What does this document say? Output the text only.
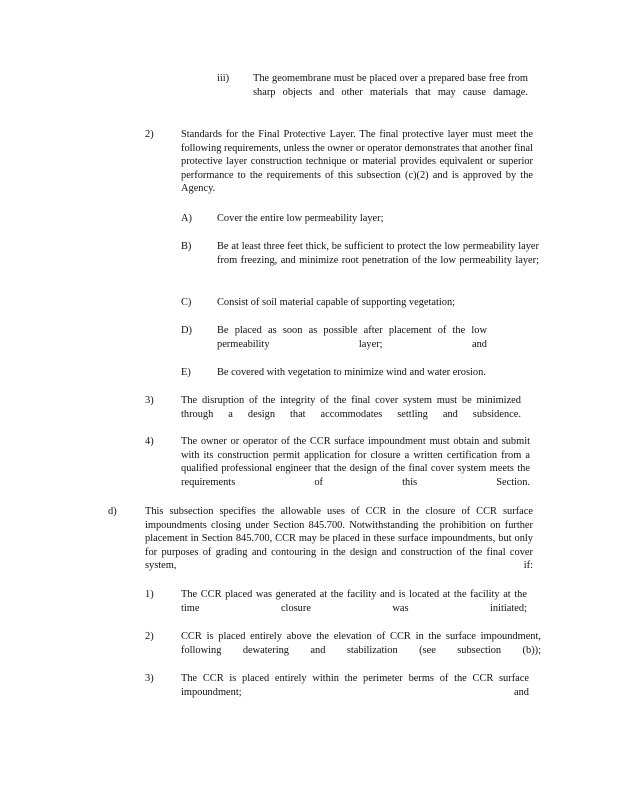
iii) The geomembrane must be placed over a prepared base free from sharp objects and other materials that may cause damage.
2)	Standards for the Final Protective Layer. The final protective layer must meet the following requirements, unless the owner or operator demonstrates that another final protective layer construction technique or material provides equivalent or superior performance to the requirements of this subsection (c)(2) and is approved by the Agency.
A) Cover the entire low permeability layer;
B) Be at least three feet thick, be sufficient to protect the low permeability layer from freezing, and minimize root penetration of the low permeability layer;
C) Consist of soil material capable of supporting vegetation;
D) Be placed as soon as possible after placement of the low permeability layer; and
E)	Be covered with vegetation to minimize wind and water erosion.
3)	The disruption of the integrity of the final cover system must be minimized through a design that accommodates settling and subsidence.
4)	The owner or operator of the CCR surface impoundment must obtain and submit with its construction permit application for closure a written certification from a qualified professional engineer that the design of the final cover system meets the requirements of this Section.
d)	This subsection specifies the allowable uses of CCR in the closure of CCR surface impoundments closing under Section 845.700. Notwithstanding the prohibition on further placement in Section 845.700, CCR may be placed in these surface impoundments, but only for purposes of grading and contouring in the design and construction of the final cover system, if:
1)	The CCR placed was generated at the facility and is located at the facility at the time closure was initiated;
2)	CCR is placed entirely above the elevation of CCR in the surface impoundment, following dewatering and stabilization (see subsection (b));
3)	The CCR is placed entirely within the perimeter berms of the CCR surface impoundment; and
